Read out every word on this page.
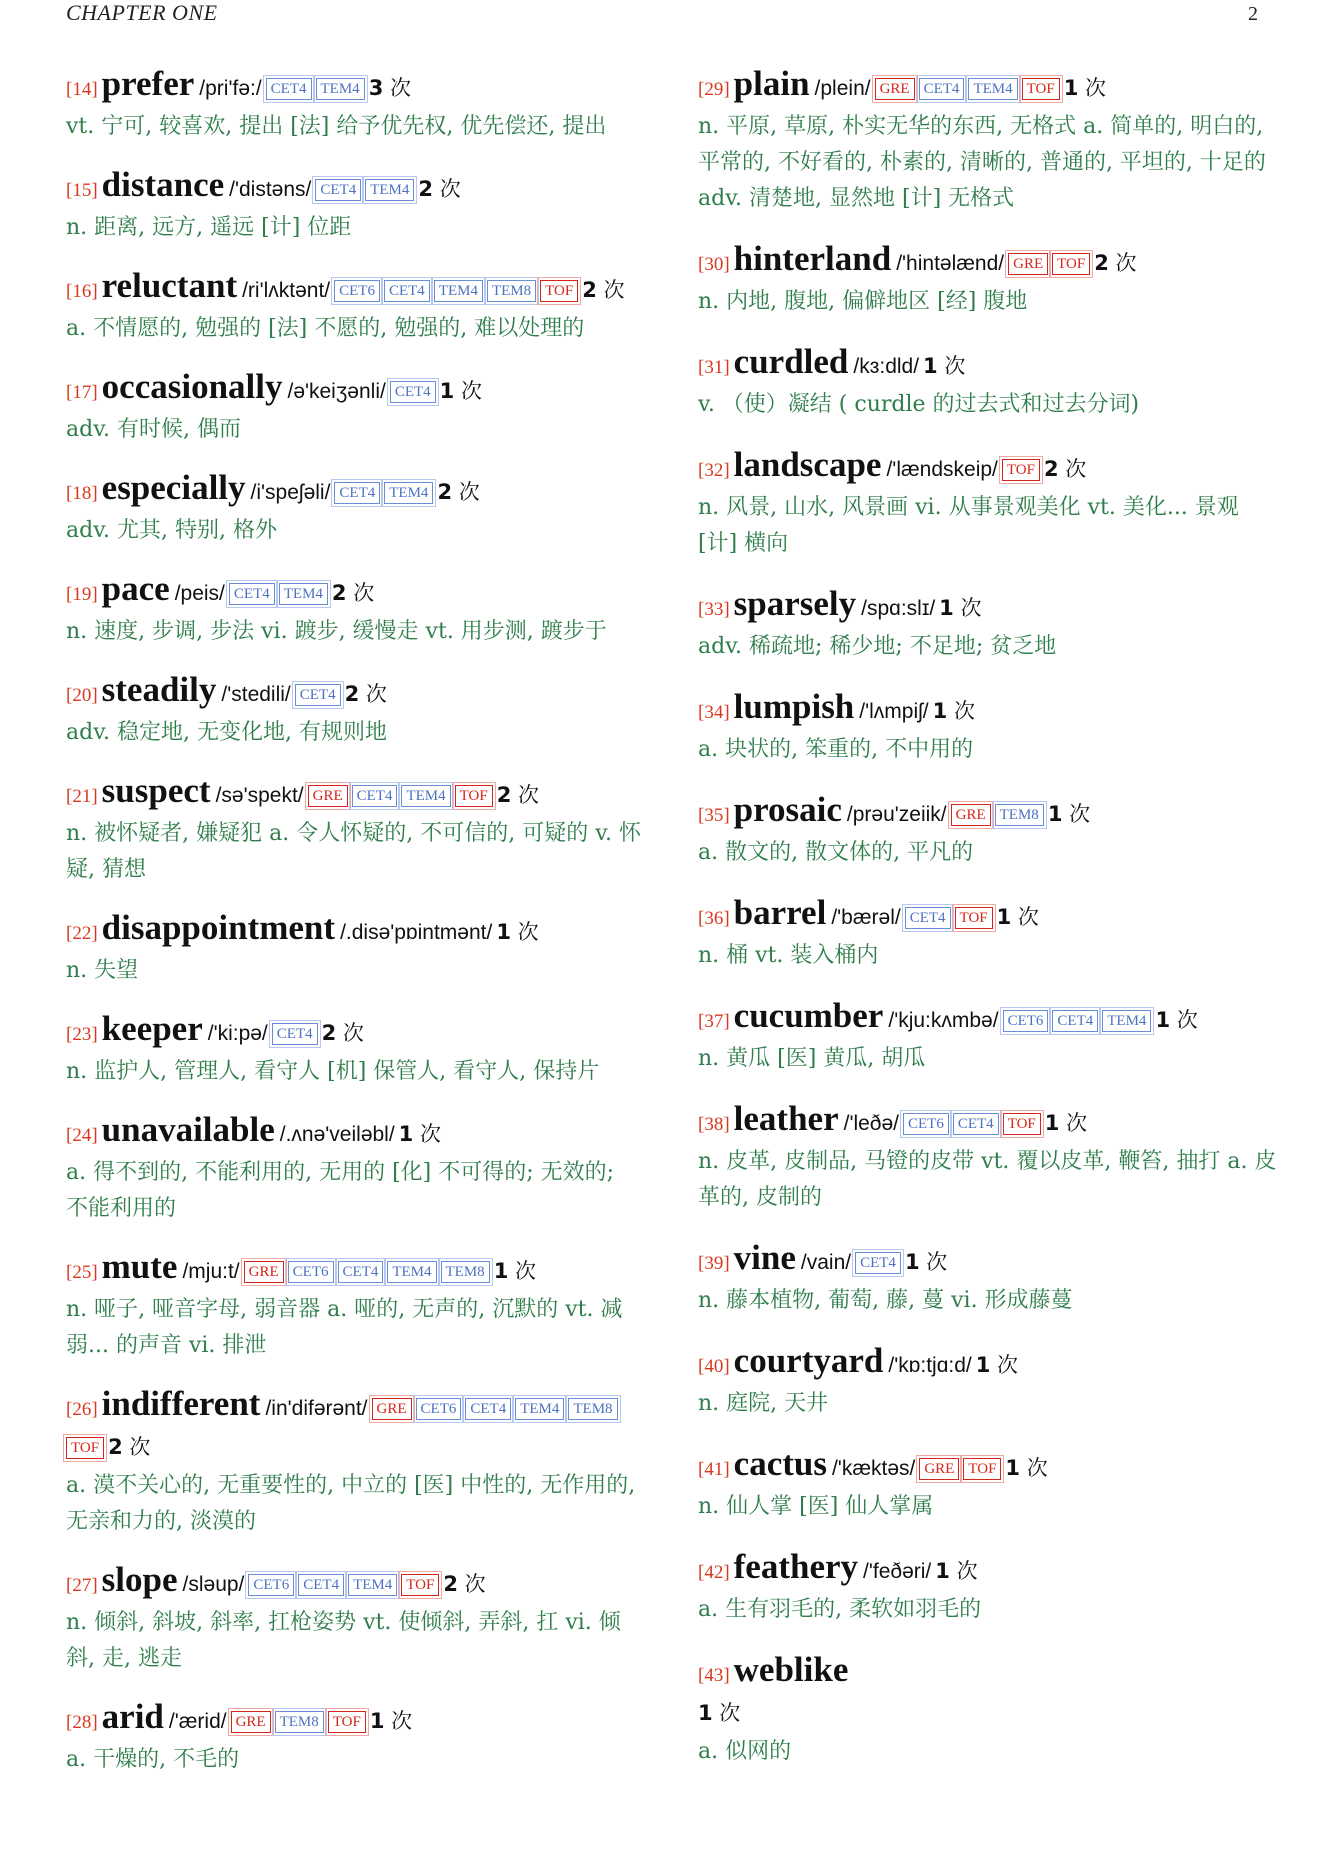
CHAPTER ONE	2
[14] prefer /pri'fə:/ CET4 TEM4 3 次
vt. 宁可, 较喜欢, 提出 [法] 给予优先权, 优先偿还, 提出
[15] distance /'distəns/ CET4 TEM4 2 次
n. 距离, 远方, 遥远 [计] 位距
[16] reluctant /ri'lʌktənt/ CET6 CET4 TEM4 TEM8 TOF 2 次
a. 不情愿的, 勉强的 [法] 不愿的, 勉强的, 难以处理的
[17] occasionally /ə'keiʒənli/ CET4 1 次
adv. 有时候, 偶而
[18] especially /i'speʃəli/ CET4 TEM4 2 次
adv. 尤其, 特别, 格外
[19] pace /peis/ CET4 TEM4 2 次
n. 速度, 步调, 步法 vi. 踱步, 缓慢走 vt. 用步测, 踱步于
[20] steadily /'stedili/ CET4 2 次
adv. 稳定地, 无变化地, 有规则地
[21] suspect /sə'spekt/ GRE CET4 TEM4 TOF 2 次
n. 被怀疑者, 嫌疑犯 a. 令人怀疑的, 不可信的, 可疑的 v. 怀疑, 猜想
[22] disappointment /.disə'pɒintmənt/ 1 次
n. 失望
[23] keeper /'ki:pə/ CET4 2 次
n. 监护人, 管理人, 看守人 [机] 保管人, 看守人, 保持片
[24] unavailable /.ʌnə'veiləbl/ 1 次
a. 得不到的, 不能利用的, 无用的 [化] 不可得的; 无效的; 不能利用的
[25] mute /mju:t/ GRE CET6 CET4 TEM4 TEM8 1 次
n. 哑子, 哑音字母, 弱音器 a. 哑的, 无声的, 沉默的 vt. 减弱... 的声音 vi. 排泄
[26] indifferent /in'difərənt/ GRE CET6 CET4 TEM4 TEM8TOF 2 次
a. 漠不关心的, 无重要性的, 中立的 [医] 中性的, 无作用的, 无亲和力的, 淡漠的
[27] slope /sləup/ CET6 CET4 TEM4 TOF 2 次
n. 倾斜, 斜坡, 斜率, 扛枪姿势 vt. 使倾斜, 弄斜, 扛 vi. 倾斜, 走, 逃走
[28] arid /'ærid/ GRE TEM8 TOF 1 次
a. 干燥的, 不毛的
[29] plain /plein/ GRE CET4 TEM4 TOF 1 次
n. 平原, 草原, 朴实无华的东西, 无格式 a. 简单的, 明白的, 平常的, 不好看的, 朴素的, 清晰的, 普通的, 平坦的, 十足的 adv. 清楚地, 显然地 [计] 无格式
[30] hinterland /'hintəlænd/ GRE TOF 2 次
n. 内地, 腹地, 偏僻地区 [经] 腹地
[31] curdled /kɜ:dld/ 1 次
v. （使）凝结 ( curdle 的过去式和过去分词)
[32] landscape /'lændskeip/ TOF 2 次
n. 风景, 山水, 风景画 vi. 从事景观美化 vt. 美化... 景观 [计] 横向
[33] sparsely /spɑ:slɪ/ 1 次
adv. 稀疏地; 稀少地; 不足地; 贫乏地
[34] lumpish /'lʌmpiʃ/ 1 次
a. 块状的, 笨重的, 不中用的
[35] prosaic /prəu'zeiik/ GRE TEM8 1 次
a. 散文的, 散文体的, 平凡的
[36] barrel /'bærəl/ CET4 TOF 1 次
n. 桶 vt. 装入桶内
[37] cucumber /'kju:kʌmbə/ CET6 CET4 TEM4 1 次
n. 黄瓜 [医] 黄瓜, 胡瓜
[38] leather /'leðə/ CET6 CET4 TOF 1 次
n. 皮革, 皮制品, 马镫的皮带 vt. 覆以皮革, 鞭笞, 抽打 a. 皮革的, 皮制的
[39] vine /vain/ CET4 1 次
n. 藤本植物, 葡萄, 藤, 蔓 vi. 形成藤蔓
[40] courtyard /'kɒ:tjɑ:d/ 1 次
n. 庭院, 天井
[41] cactus /'kæktəs/ GRE TOF 1 次
n. 仙人掌 [医] 仙人掌属
[42] feathery /'feðəri/ 1 次
a. 生有羽毛的, 柔软如羽毛的
[43] weblike
1 次
a. 似网的
